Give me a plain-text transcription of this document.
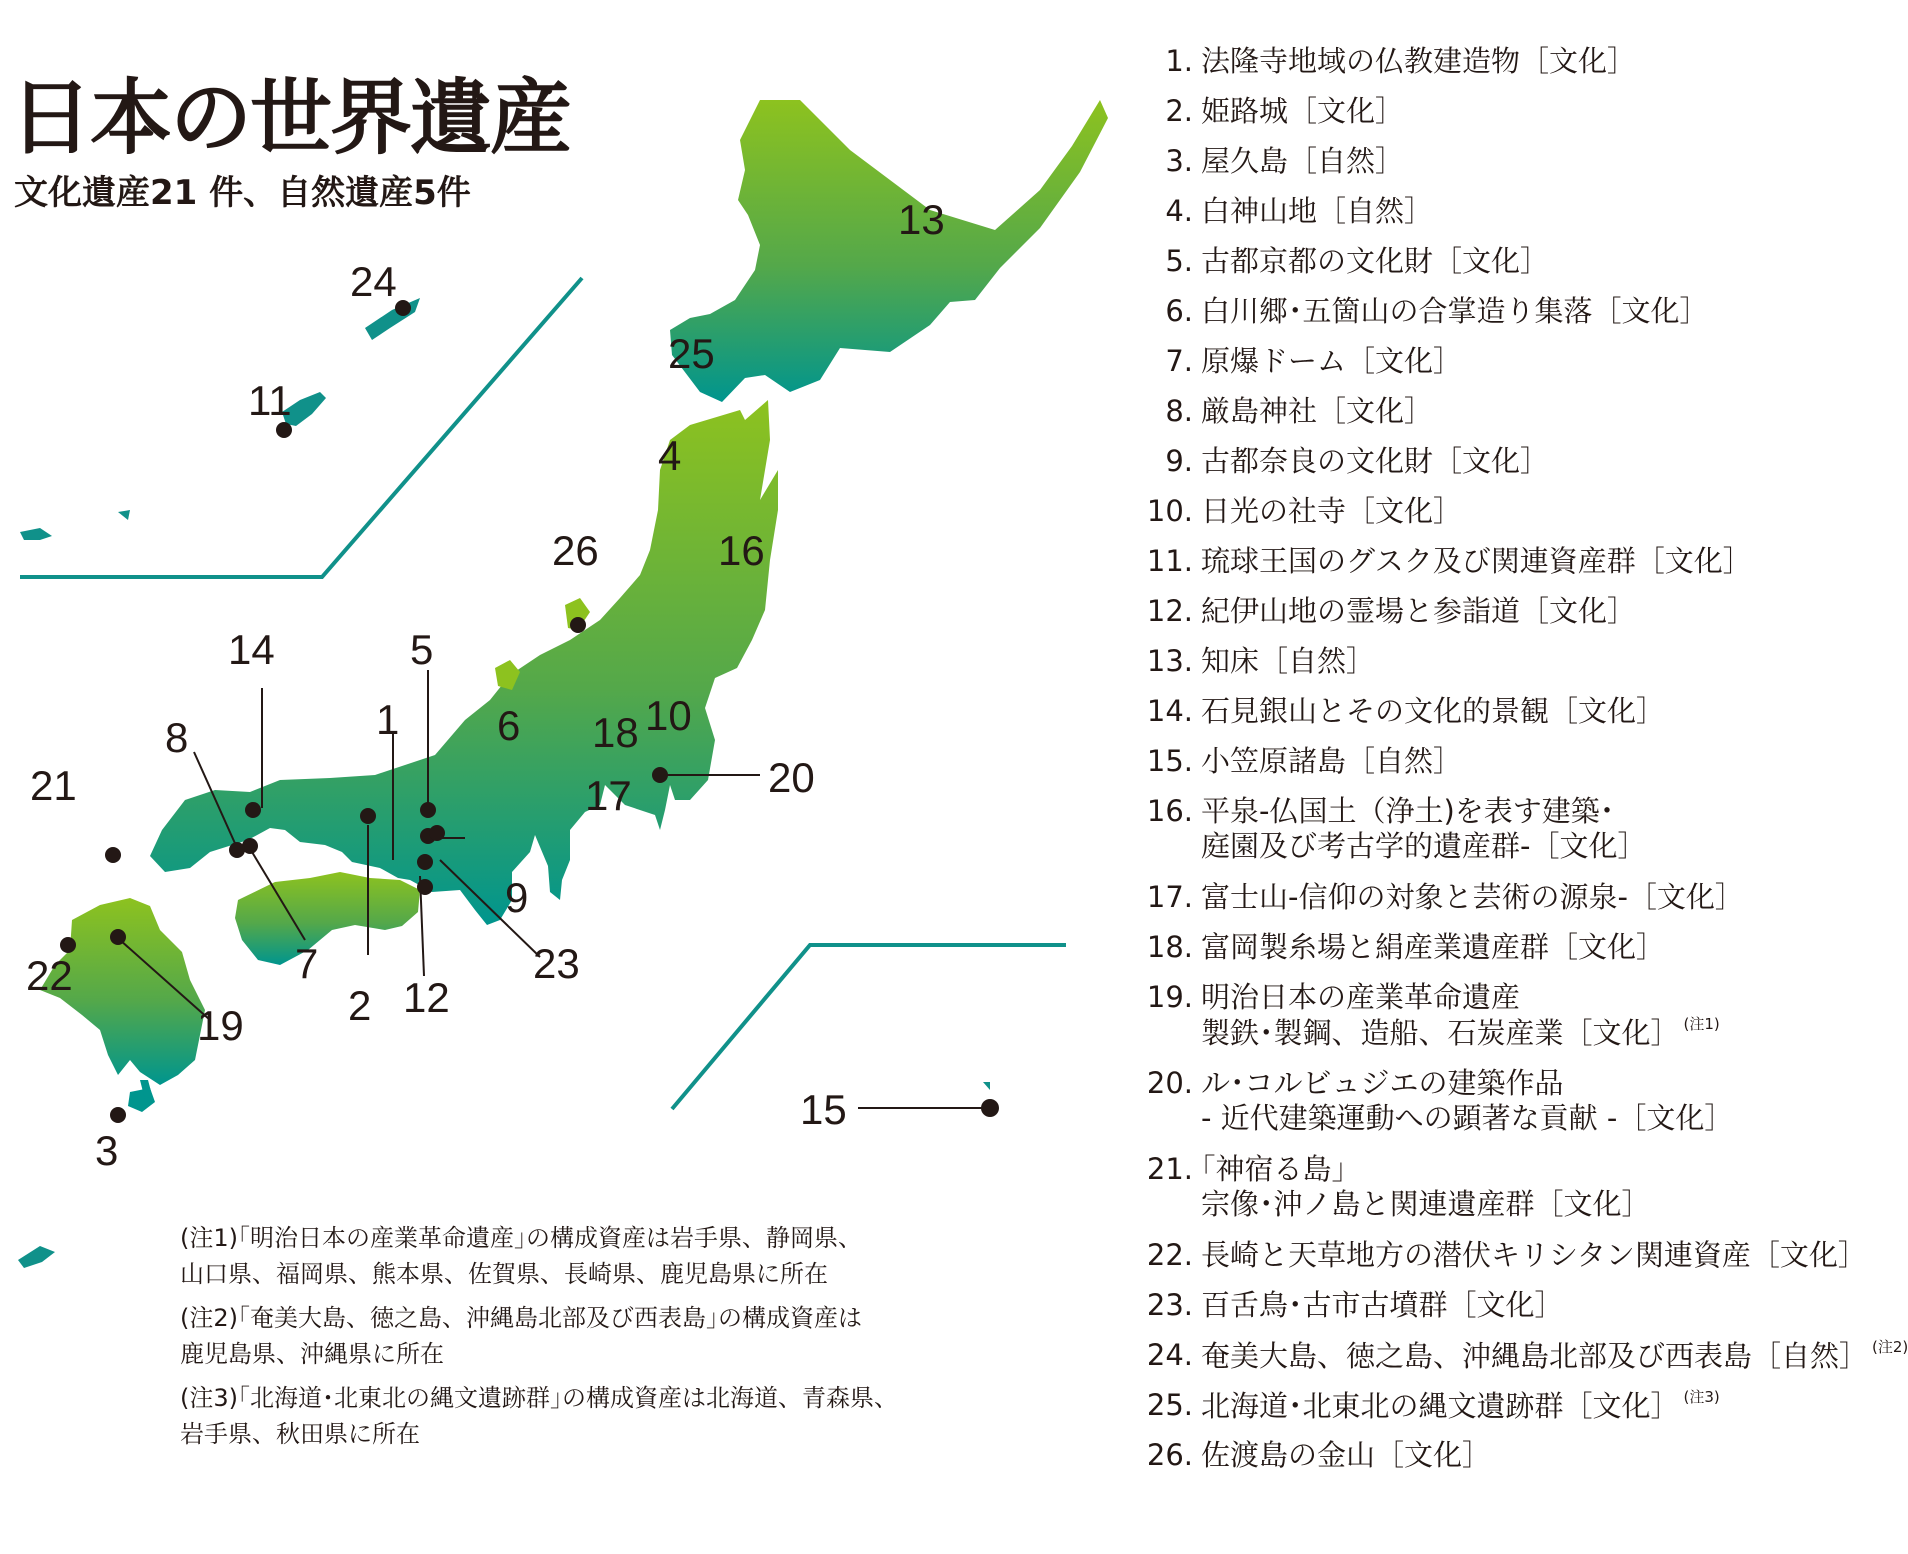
日本の世界遺産
文化遺産21 件、自然遺産5件
1
2
3
4
5
6
7
8
9
10
11
12
13
14
15
16
17
18
19
20
21
22	23
24
25
26
1. 法隆寺地域の仏教建造物［文化］
2. 姫路城［文化］
3. 屋久島［自然］
4. 白神山地［自然］
5. 古都京都の文化財［文化］
6. 白川郷･五箇山の合掌造り集落［文化］
7. 原爆ドーム［文化］
8. 厳島神社［文化］
9. 古都奈良の文化財［文化］
10. 日光の社寺［文化］
11. 琉球王国のグスク及び関連資産群［文化］
12. 紀伊山地の霊場と参詣道［文化］
13. 知床［自然］
14. 石見銀山とその文化的景観［文化］
15. 小笠原諸島［自然］
16. 平泉-仏国土（浄土)を表す建築･
庭園及び考古学的遺産群-［文化］
17. 富士山-信仰の対象と芸術の源泉-［文化］
18. 富岡製糸場と絹産業遺産群［文化］
19. 明治日本の産業革命遺産
製鉄･製鋼、造船、石炭産業［文化］ $^{(注1)}$
20. ル･コルビュジエの建築作品
- 近代建築運動への顕著な貢献 -［文化］
21. ｢神宿る島｣
宗像･沖ノ島と関連遺産群［文化］
22. 長崎と天草地方の潜伏キリシタン関連資産［文化］
23. 百舌鳥･古市古墳群［文化］
24. 奄美大島、徳之島、沖縄島北部及び西表島［自然］ $^{(注2)}$
25. 北海道･北東北の縄文遺跡群［文化］ $^{(注3)}$
26. 佐渡島の金山［文化］
(注1)｢明治日本の産業革命遺産｣の構成資産は岩手県、静岡県、
山口県、福岡県、熊本県、佐賀県、長崎県、鹿児島県に所在
(注2)｢奄美大島、徳之島、沖縄島北部及び西表島｣の構成資産は
鹿児島県、沖縄県に所在
(注3)｢北海道･北東北の縄文遺跡群｣の構成資産は北海道、青森県、
岩手県、秋田県に所在
